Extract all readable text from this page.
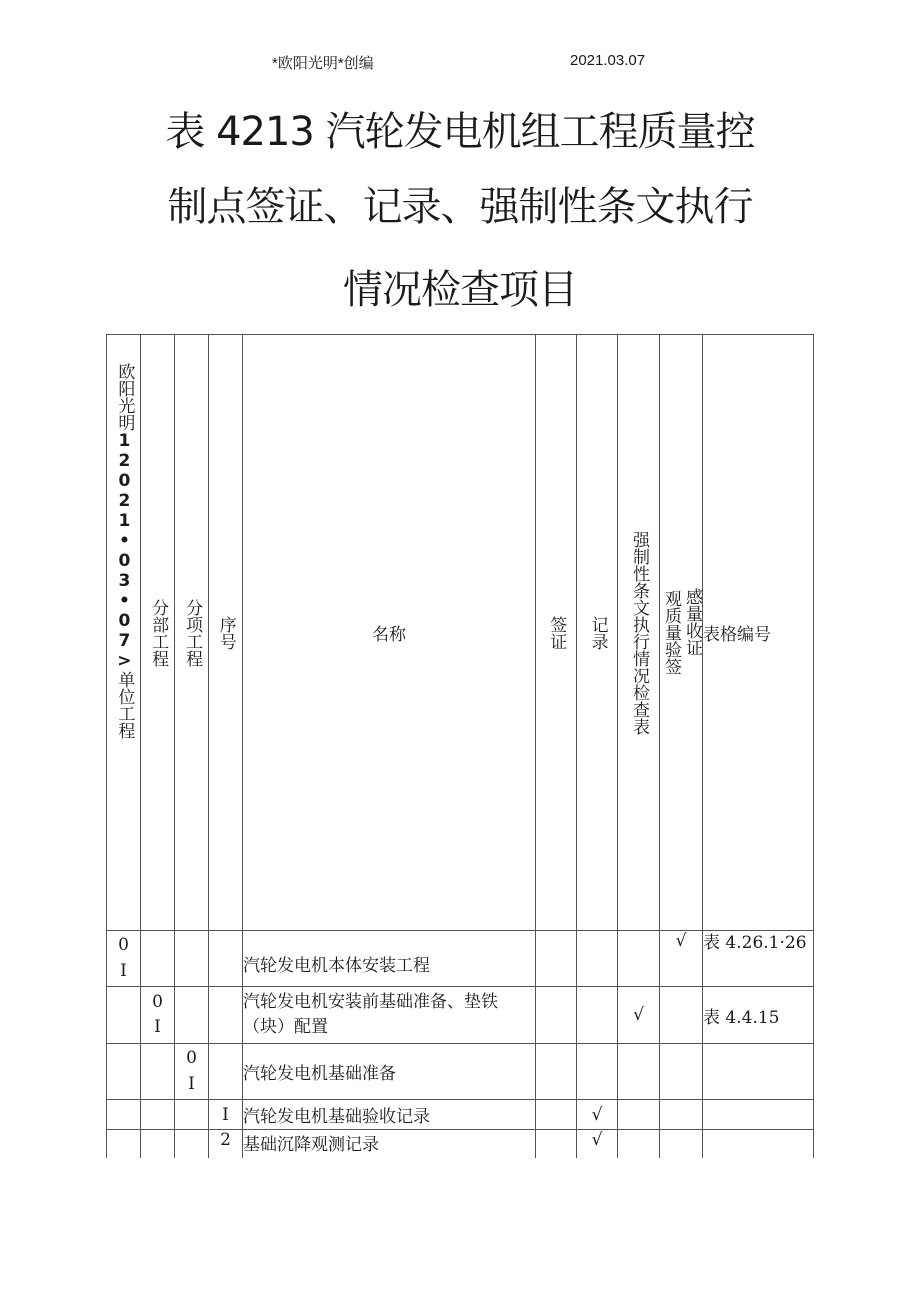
*欧阳光明*创编	2021.03.07
表 4213 汽轮发电机组工程质量控
制点签证、记录、强制性条文执行
情况检查项目
欧阳光明12021•03•07>单位工程	分部工程	分项工程	序号	名称	签证	记录	强制性条文执行情况检查表	观质量验签 感量收证	表格编号

0
I				汽轮发电机本体安装工程				√	表 4.26.1·26

	0
I			汽轮发电机安装前基础准备、垫铁（块）配置			√		表 4.4.15

		0
I		汽轮发电机基础准备					
			I	汽轮发电机基础验收记录		√			
			2	基础沉降观测记录		√			
